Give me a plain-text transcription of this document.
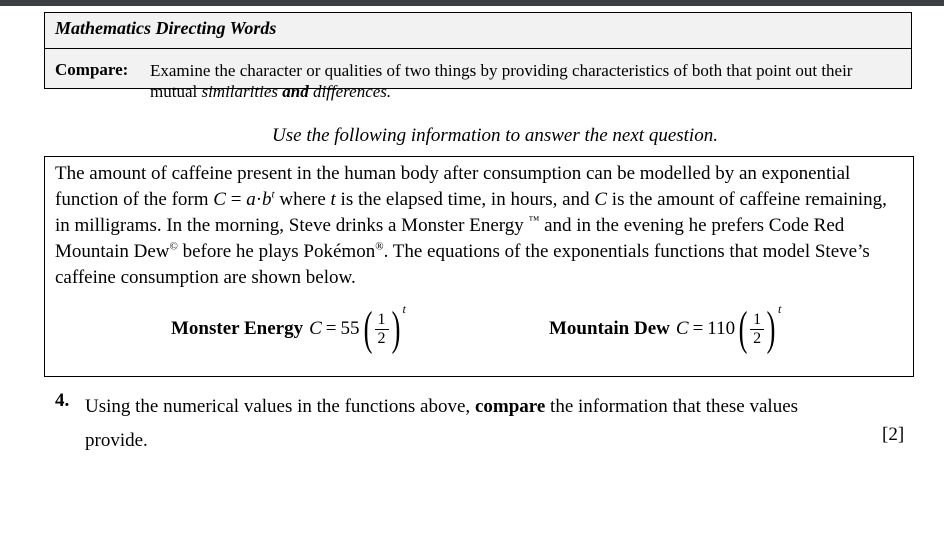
Mathematics Directing Words
Compare: Examine the character or qualities of two things by providing characteristics of both that point out their mutual similarities and differences.
Use the following information to answer the next question.
The amount of caffeine present in the human body after consumption can be modelled by an exponential function of the form $C = a\cdot b^t$ where t is the elapsed time, in hours, and C is the amount of caffeine remaining, in milligrams. In the morning, Steve drinks a Monster Energy ™ and in the evening he prefers Code Red Mountain Dew© before he plays Pokémon®. The equations of the exponentials functions that model Steve’s caffeine consumption are shown below.
Monster Energy C = 55 ( $\frac{1}{2}$ ) t
Mountain Dew C = 110 ( $\frac{1}{2}$ ) t
4. Using the numerical values in the functions above, compare the information that these values provide.	[2]
